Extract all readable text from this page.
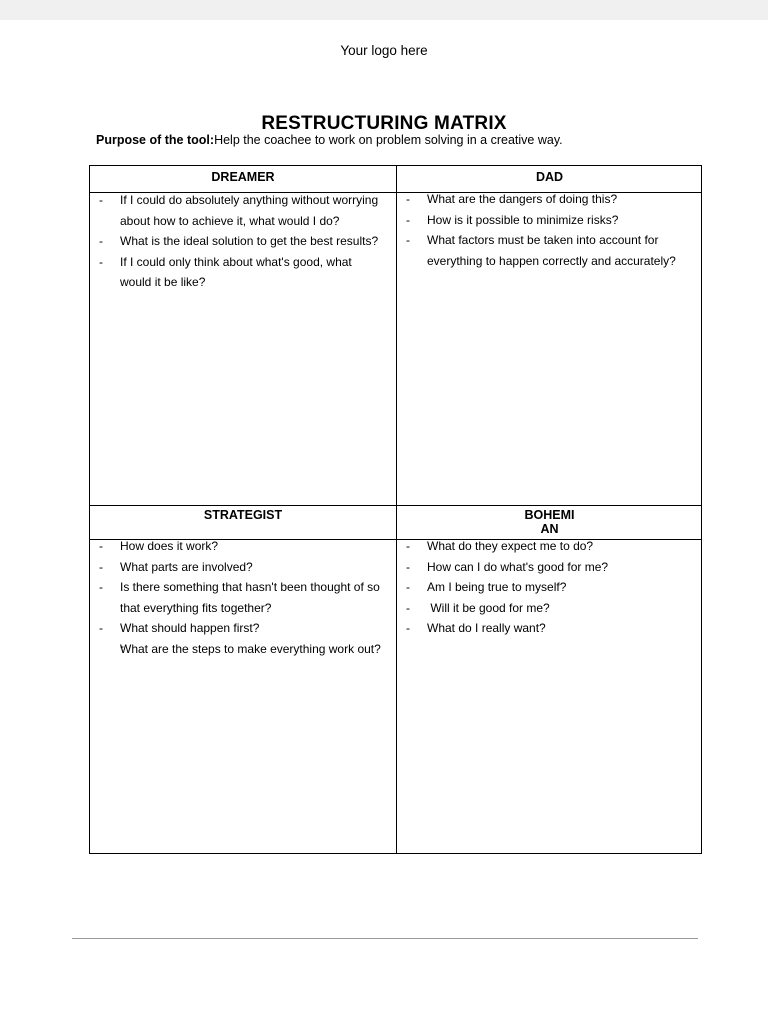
Your logo here
RESTRUCTURING MATRIX
Purpose of the tool:Help the coachee to work on problem solving in a creative way.
DREAMER	DAD
STRATEGIST	BOHEMI
AN
- If I could do absolutely anything without worrying about how to achieve it, what would I do?
- What is the ideal solution to get the best results?
- If I could only think about what's good, what would it be like?
- What are the dangers of doing this?
- How is it possible to minimize risks?
- What factors must be taken into account for everything to happen correctly and accurately?
- How does it work?
- What parts are involved?
- Is there something that hasn't been thought of so that everything fits together?
- What should happen first?
- What are the steps to make everything work out?
- What do they expect me to do?
- How can I do what's good for me?
- Am I being true to myself?
-  Will it be good for me?
- What do I really want?
